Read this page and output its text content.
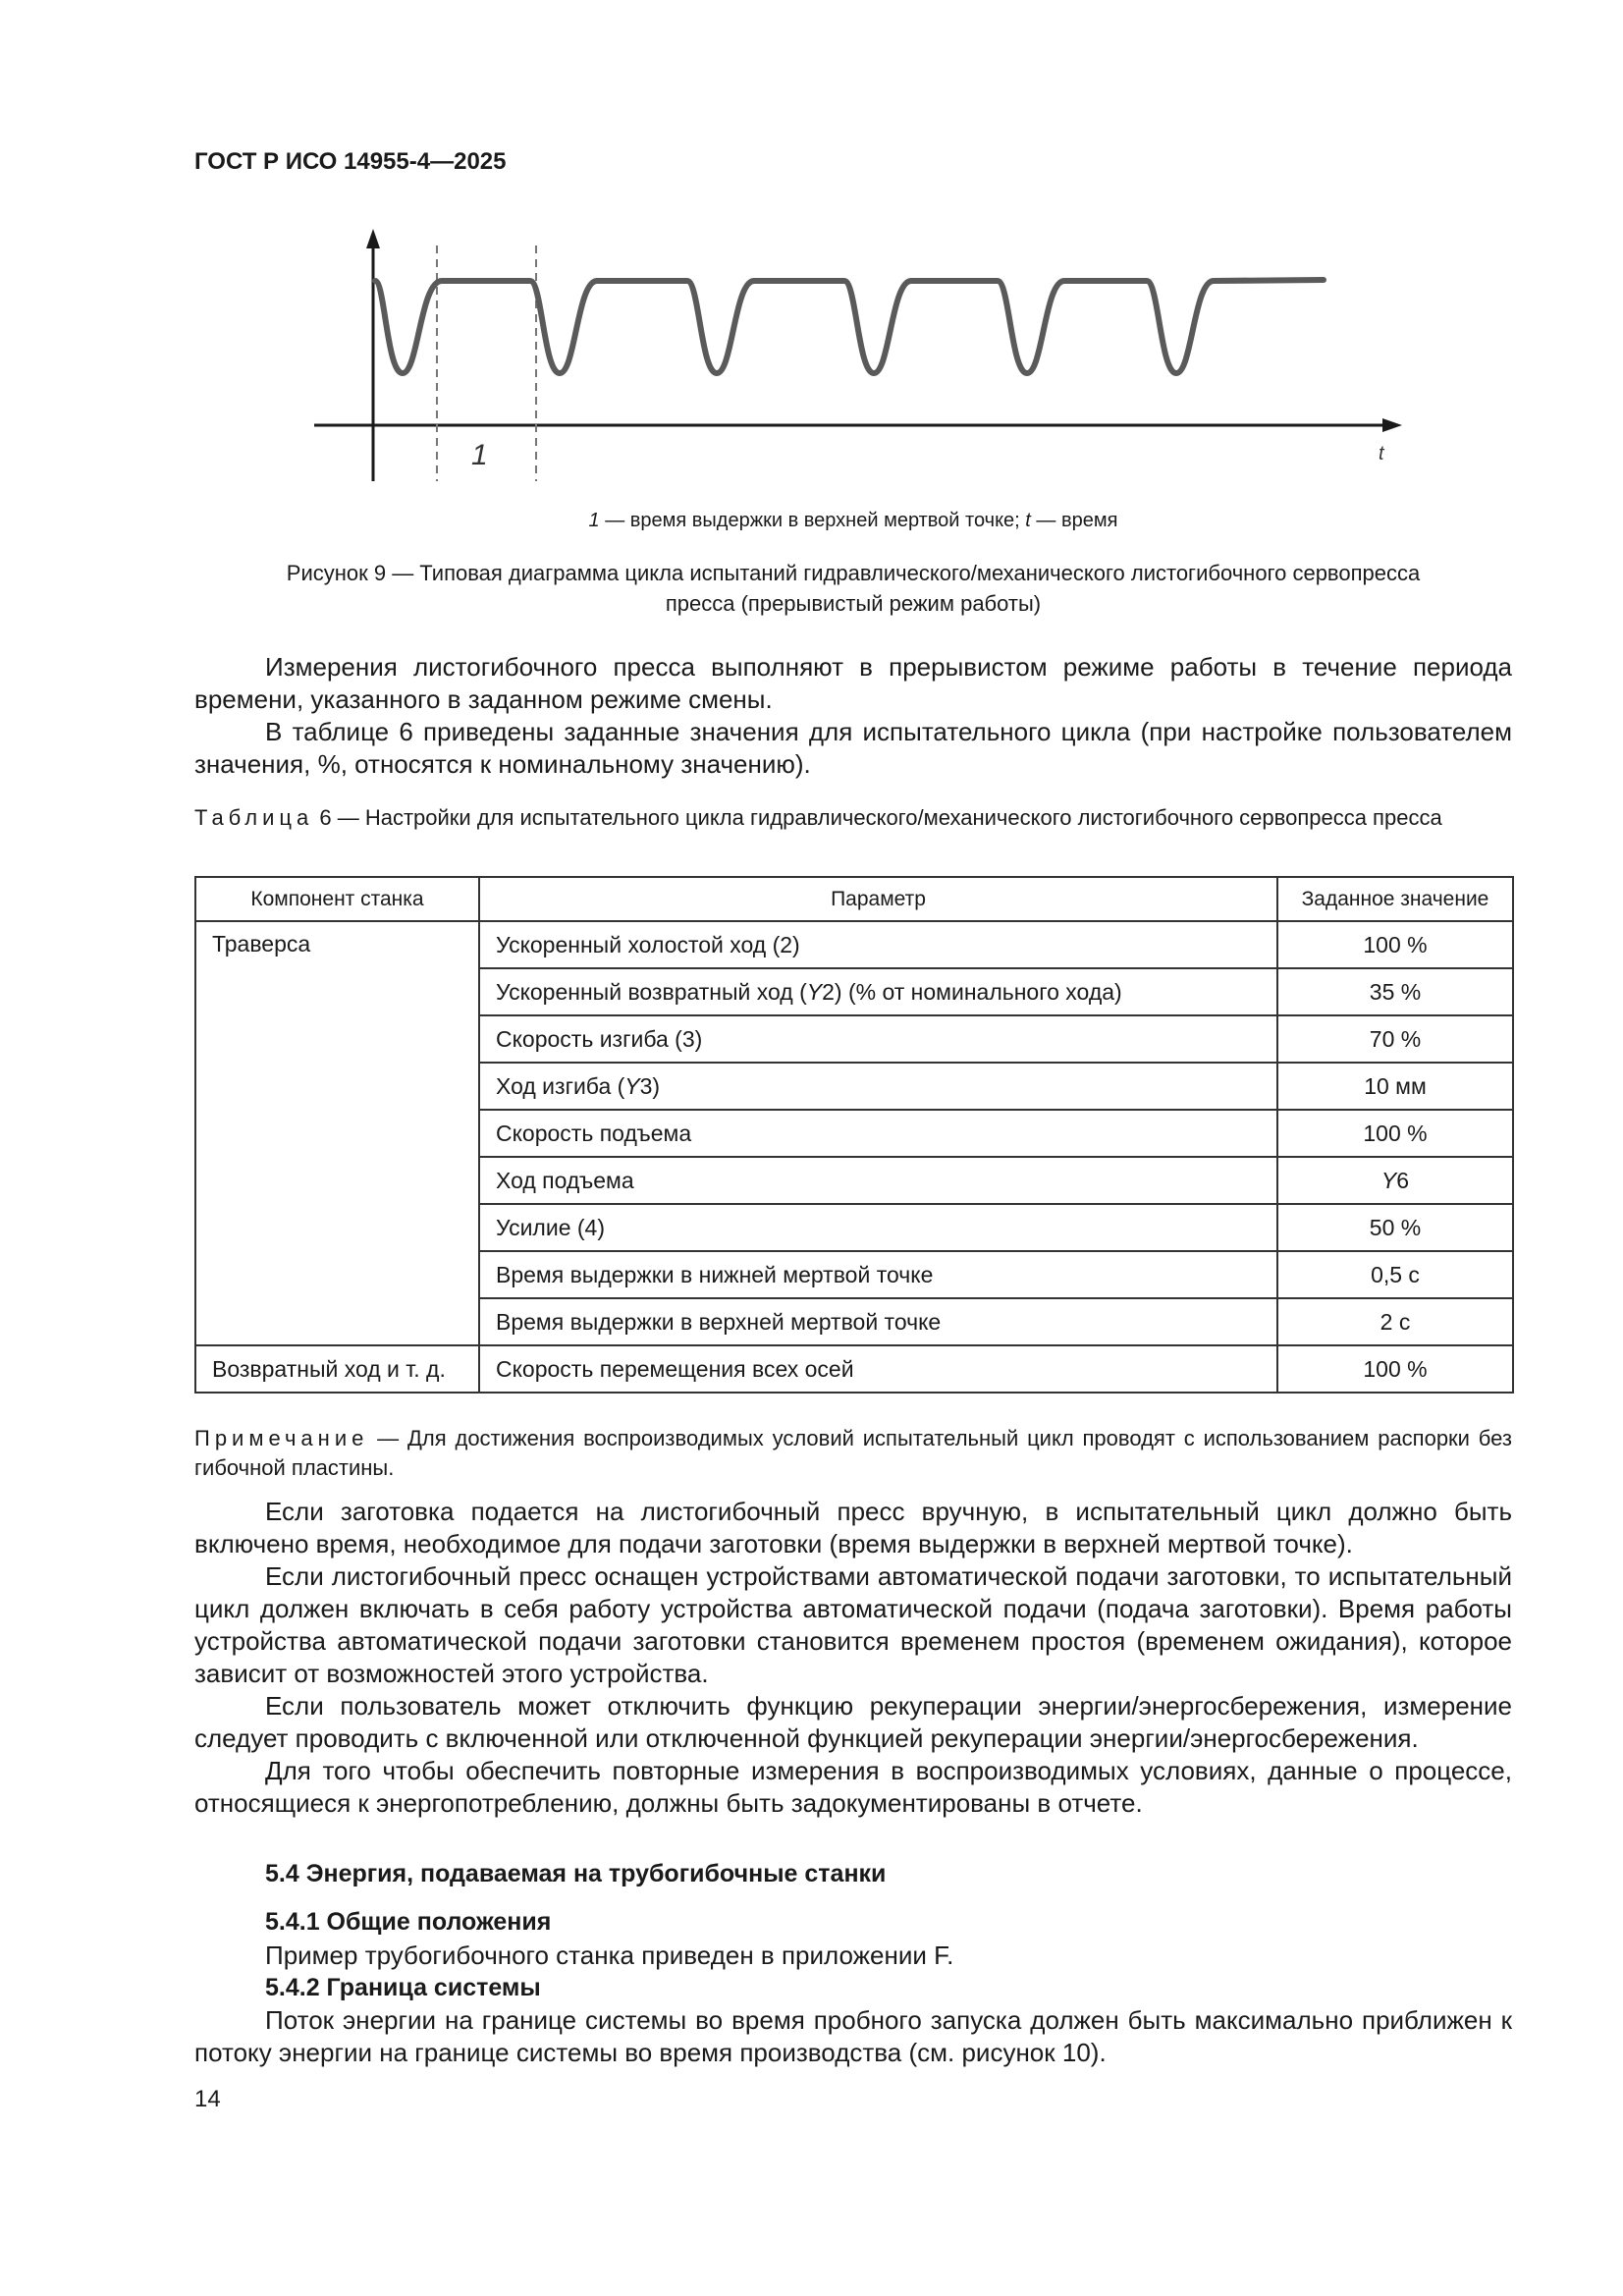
ГОСТ Р ИСО 14955-4—2025
1	t
1 — время выдержки в верхней мертвой точке; t — время
Рисунок 9 — Типовая диаграмма цикла испытаний гидравлического/механического листогибочного сервопресса
пресса (прерывистый режим работы)

Измерения листогибочного пресса выполняют в прерывистом режиме работы в течение периода времени, указанного в заданном режиме смены.

В таблице 6 приведены заданные значения для испытательного цикла (при настройке пользователем значения, %, относятся к номинальному значению).

Таблица 6 — Настройки для испытательного цикла гидравлического/механического листогибочного сервопресса пресса
Компонент станка	Параметр	Заданное значение
Траверса	Ускоренный холостой ход (2)	100 %
	Ускоренный возвратный ход (Y2) (% от номинального хода)	35 %
	Скорость изгиба (3)	70 %
	Ход изгиба (Y3)	10 мм
	Скорость подъема	100 %
	Ход подъема	Y6
	Усилие (4)	50 %
	Время выдержки в нижней мертвой точке	0,5 с
	Время выдержки в верхней мертвой точке	2 с
Возвратный ход и т. д.	Скорость перемещения всех осей	100 %
Примечание — Для достижения воспроизводимых условий испытательный цикл проводят с использованием распорки без гибочной пластины.

Если заготовка подается на листогибочный пресс вручную, в испытательный цикл должно быть включено время, необходимое для подачи заготовки (время выдержки в верхней мертвой точке).

Если листогибочный пресс оснащен устройствами автоматической подачи заготовки, то испытательный цикл должен включать в себя работу устройства автоматической подачи (подача заготовки). Время работы устройства автоматической подачи заготовки становится временем простоя (временем ожидания), которое зависит от возможностей этого устройства.

Если пользователь может отключить функцию рекуперации энергии/энергосбережения, измерение следует проводить с включенной или отключенной функцией рекуперации энергии/энергосбережения.

Для того чтобы обеспечить повторные измерения в воспроизводимых условиях, данные о процессе, относящиеся к энергопотреблению, должны быть задокументированы в отчете.

5.4 Энергия, подаваемая на трубогибочные станки
5.4.1 Общие положения
Пример трубогибочного станка приведен в приложении F.
5.4.2 Граница системы

Поток энергии на границе системы во время пробного запуска должен быть максимально приближен к потоку энергии на границе системы во время производства (см. рисунок 10).

14
